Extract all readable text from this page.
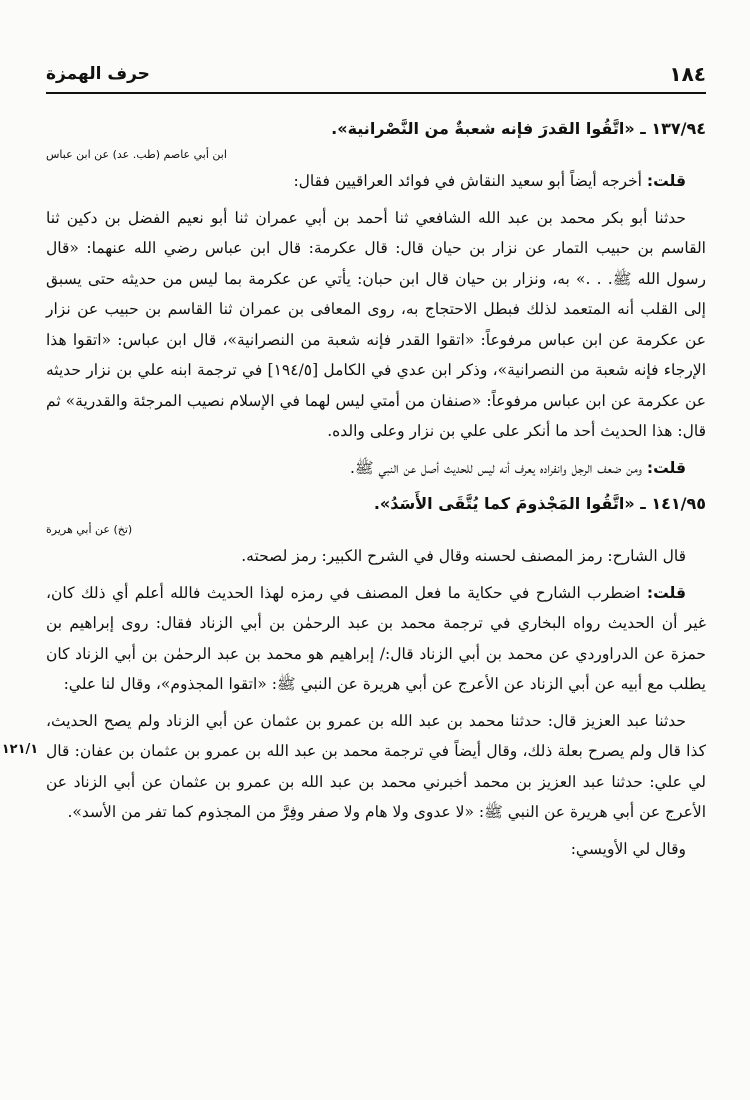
١٨٤
حرف الهمزة

١٣٧/٩٤ ـ «اتَّقُوا القدرَ فإنه شعبةٌ من النَّصْرانية».

ابن أبي عاصم (طب. عد) عن ابن عباس

قلت: أخرجه أيضاً أبو سعيد النقاش في فوائد العراقيين فقال:

حدثنا أبو بكر محمد بن عبد الله الشافعي ثنا أحمد بن أبي عمران ثنا أبو نعيم الفضل بن دكين ثنا القاسم بن حبيب التمار عن نزار بن حيان قال: قال عكرمة: قال ابن عباس رضي الله عنهما: «قال رسول الله ﷺ. . .» به، ونزار بن حيان قال ابن حبان: يأتي عن عكرمة بما ليس من حديثه حتى يسبق إلى القلب أنه المتعمد لذلك فبطل الاحتجاج به، روى المعافى بن عمران ثنا القاسم بن حبيب عن نزار عن عكرمة عن ابن عباس مرفوعاً: «اتقوا القدر فإنه شعبة من النصرانية»، قال ابن عباس: «اتقوا هذا الإرجاء فإنه شعبة من النصرانية»، وذكر ابن عدي في الكامل [١٩٤/٥] في ترجمة ابنه علي بن نزار حديثه عن عكرمة عن ابن عباس مرفوعاً: «صنفان من أمتي ليس لهما في الإسلام نصيب المرجئة والقدرية» ثم قال: هذا الحديث أحد ما أنكر على علي بن نزار وعلى والده.

قلت: ومن ضعف الرجل وانفراده يعرف أنه ليس للحديث أصل عن النبي ﷺ.

١٤١/٩٥ ـ «اتَّقُوا المَجْذومَ كما يُتَّقَى الأَسَدُ».

(تخ) عن أبي هريرة

قال الشارح: رمز المصنف لحسنه وقال في الشرح الكبير: رمز لصحته.

قلت: اضطرب الشارح في حكاية ما فعل المصنف في رمزه لهذا الحديث فالله أعلم أي ذلك كان، غير أن الحديث رواه البخاري في ترجمة محمد بن عبد الرحمٰن بن أبي الزناد فقال: روى إبراهيم بن حمزة عن الدراوردي عن محمد بن أبي الزناد قال:/ إبراهيم هو محمد بن عبد الرحمٰن بن أبي الزناد كان يطلب مع أبيه عن أبي الزناد عن الأعرج عن أبي هريرة عن النبي ﷺ: «اتقوا المجذوم»، وقال لنا علي:

حدثنا عبد العزيز قال: حدثنا محمد بن عبد الله بن عمرو بن عثمان عن أبي الزناد ولم يصح الحديث، كذا قال ولم يصرح بعلة ذلك، وقال أيضاً في ترجمة محمد بن عبد الله بن عمرو بن عثمان بن عفان: قال لي علي: حدثنا عبد العزيز بن محمد أخبرني محمد بن عبد الله بن عمرو بن عثمان عن أبي الزناد عن الأعرج عن أبي هريرة عن النبي ﷺ: «لا عدوى ولا هام ولا صفر وفِرَّ من المجذوم كما تفر من الأسد».

وقال لي الأويسي:

١٢١/١
